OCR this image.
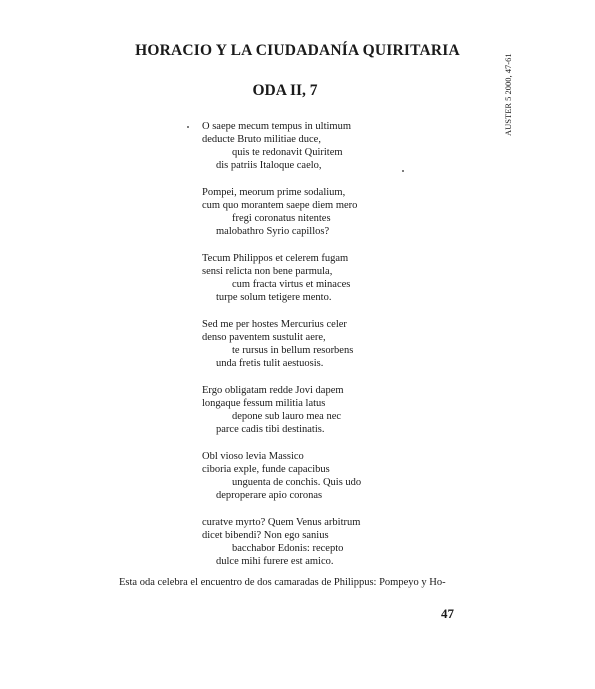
HORACIO Y LA CIUDADANÍA QUIRITARIA
ODA II, 7	AUSTER 5 2000, 47-61
O saepe mecum tempus in ultimum
deducte Bruto militiae duce,
quis te redonavit Quiritem
dis patriis Italoque caelo,
Pompei, meorum prime sodalium,
cum quo morantem saepe diem mero
fregi coronatus nitentes
malobathro Syrio capillos?
Tecum Philippos et celerem fugam
sensi relicta non bene parmula,
cum fracta virtus et minaces
turpe solum tetigere mento.
Sed me per hostes Mercurius celer
denso paventem sustulit aere,
te rursus in bellum resorbens
unda fretis tulit aestuosis.
Ergo obligatam redde Jovi dapem
longaque fessum militia latus
depone sub lauro mea nec
parce cadis tibi destinatis.
Obl vioso levia Massico
ciboria exple, funde capacibus
unguenta de conchis. Quis udo
deproperare apio coronas
curatve myrto? Quem Venus arbitrum
dicet bibendi? Non ego sanius
bacchabor Edonis: recepto
dulce mihi furere est amico.
Esta oda celebra el encuentro de dos camaradas de Philippus: Pompeyo y Ho-
47
